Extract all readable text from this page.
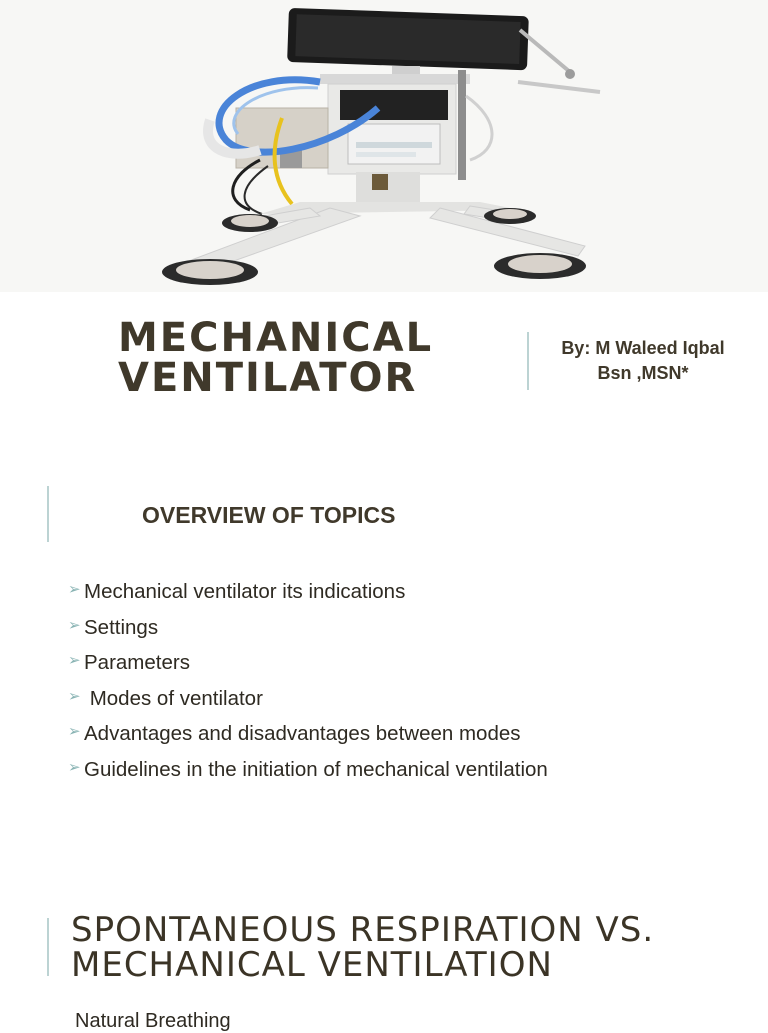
MECHANICAL
VENTILATOR
By: M Waleed Iqbal
Bsn ,MSN*
OVERVIEW OF TOPICS
➢ Mechanical ventilator its indications
➢ Settings
➢ Parameters
➢ Modes of ventilator
➢ Advantages and disadvantages between modes
➢ Guidelines in the initiation of mechanical ventilation
SPONTANEOUS RESPIRATION VS.
MECHANICAL VENTILATION
Natural Breathing
